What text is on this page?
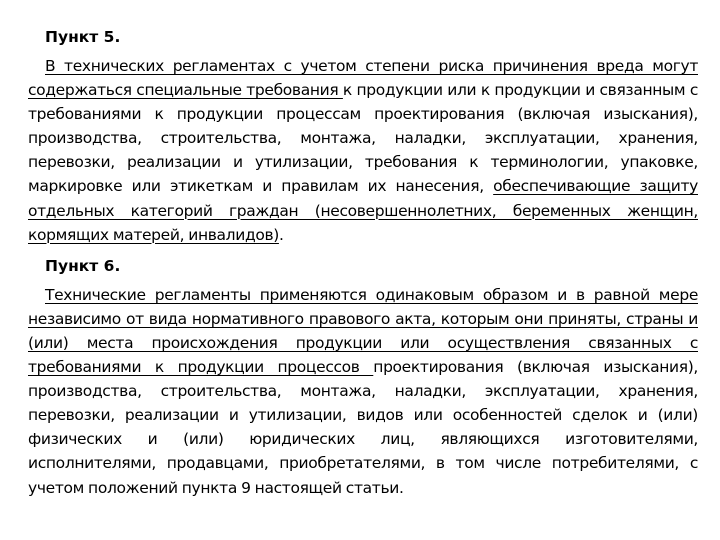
Пункт 5.

В технических регламентах с учетом степени риска причинения вреда могут содержаться специальные требования к продукции или к продукции и связанным с требованиями к продукции процессам проектирования (включая изыскания), производства, строительства, монтажа, наладки, эксплуатации, хранения, перевозки, реализации и утилизации, требования к терминологии, упаковке, маркировке или этикеткам и правилам их нанесения, обеспечивающие защиту отдельных категорий граждан (несовершеннолетних, беременных женщин, кормящих матерей, инвалидов).

Пункт 6.

Технические регламенты применяются одинаковым образом и в равной мере независимо от вида нормативного правового акта, которым они приняты, страны и (или) места происхождения продукции или осуществления связанных с требованиями к продукции процессов проектирования (включая изыскания), производства, строительства, монтажа, наладки, эксплуатации, хранения, перевозки, реализации и утилизации, видов или особенностей сделок и (или) физических и (или) юридических лиц, являющихся изготовителями, исполнителями, продавцами, приобретателями, в том числе потребителями, с учетом положений пункта 9 настоящей статьи.
